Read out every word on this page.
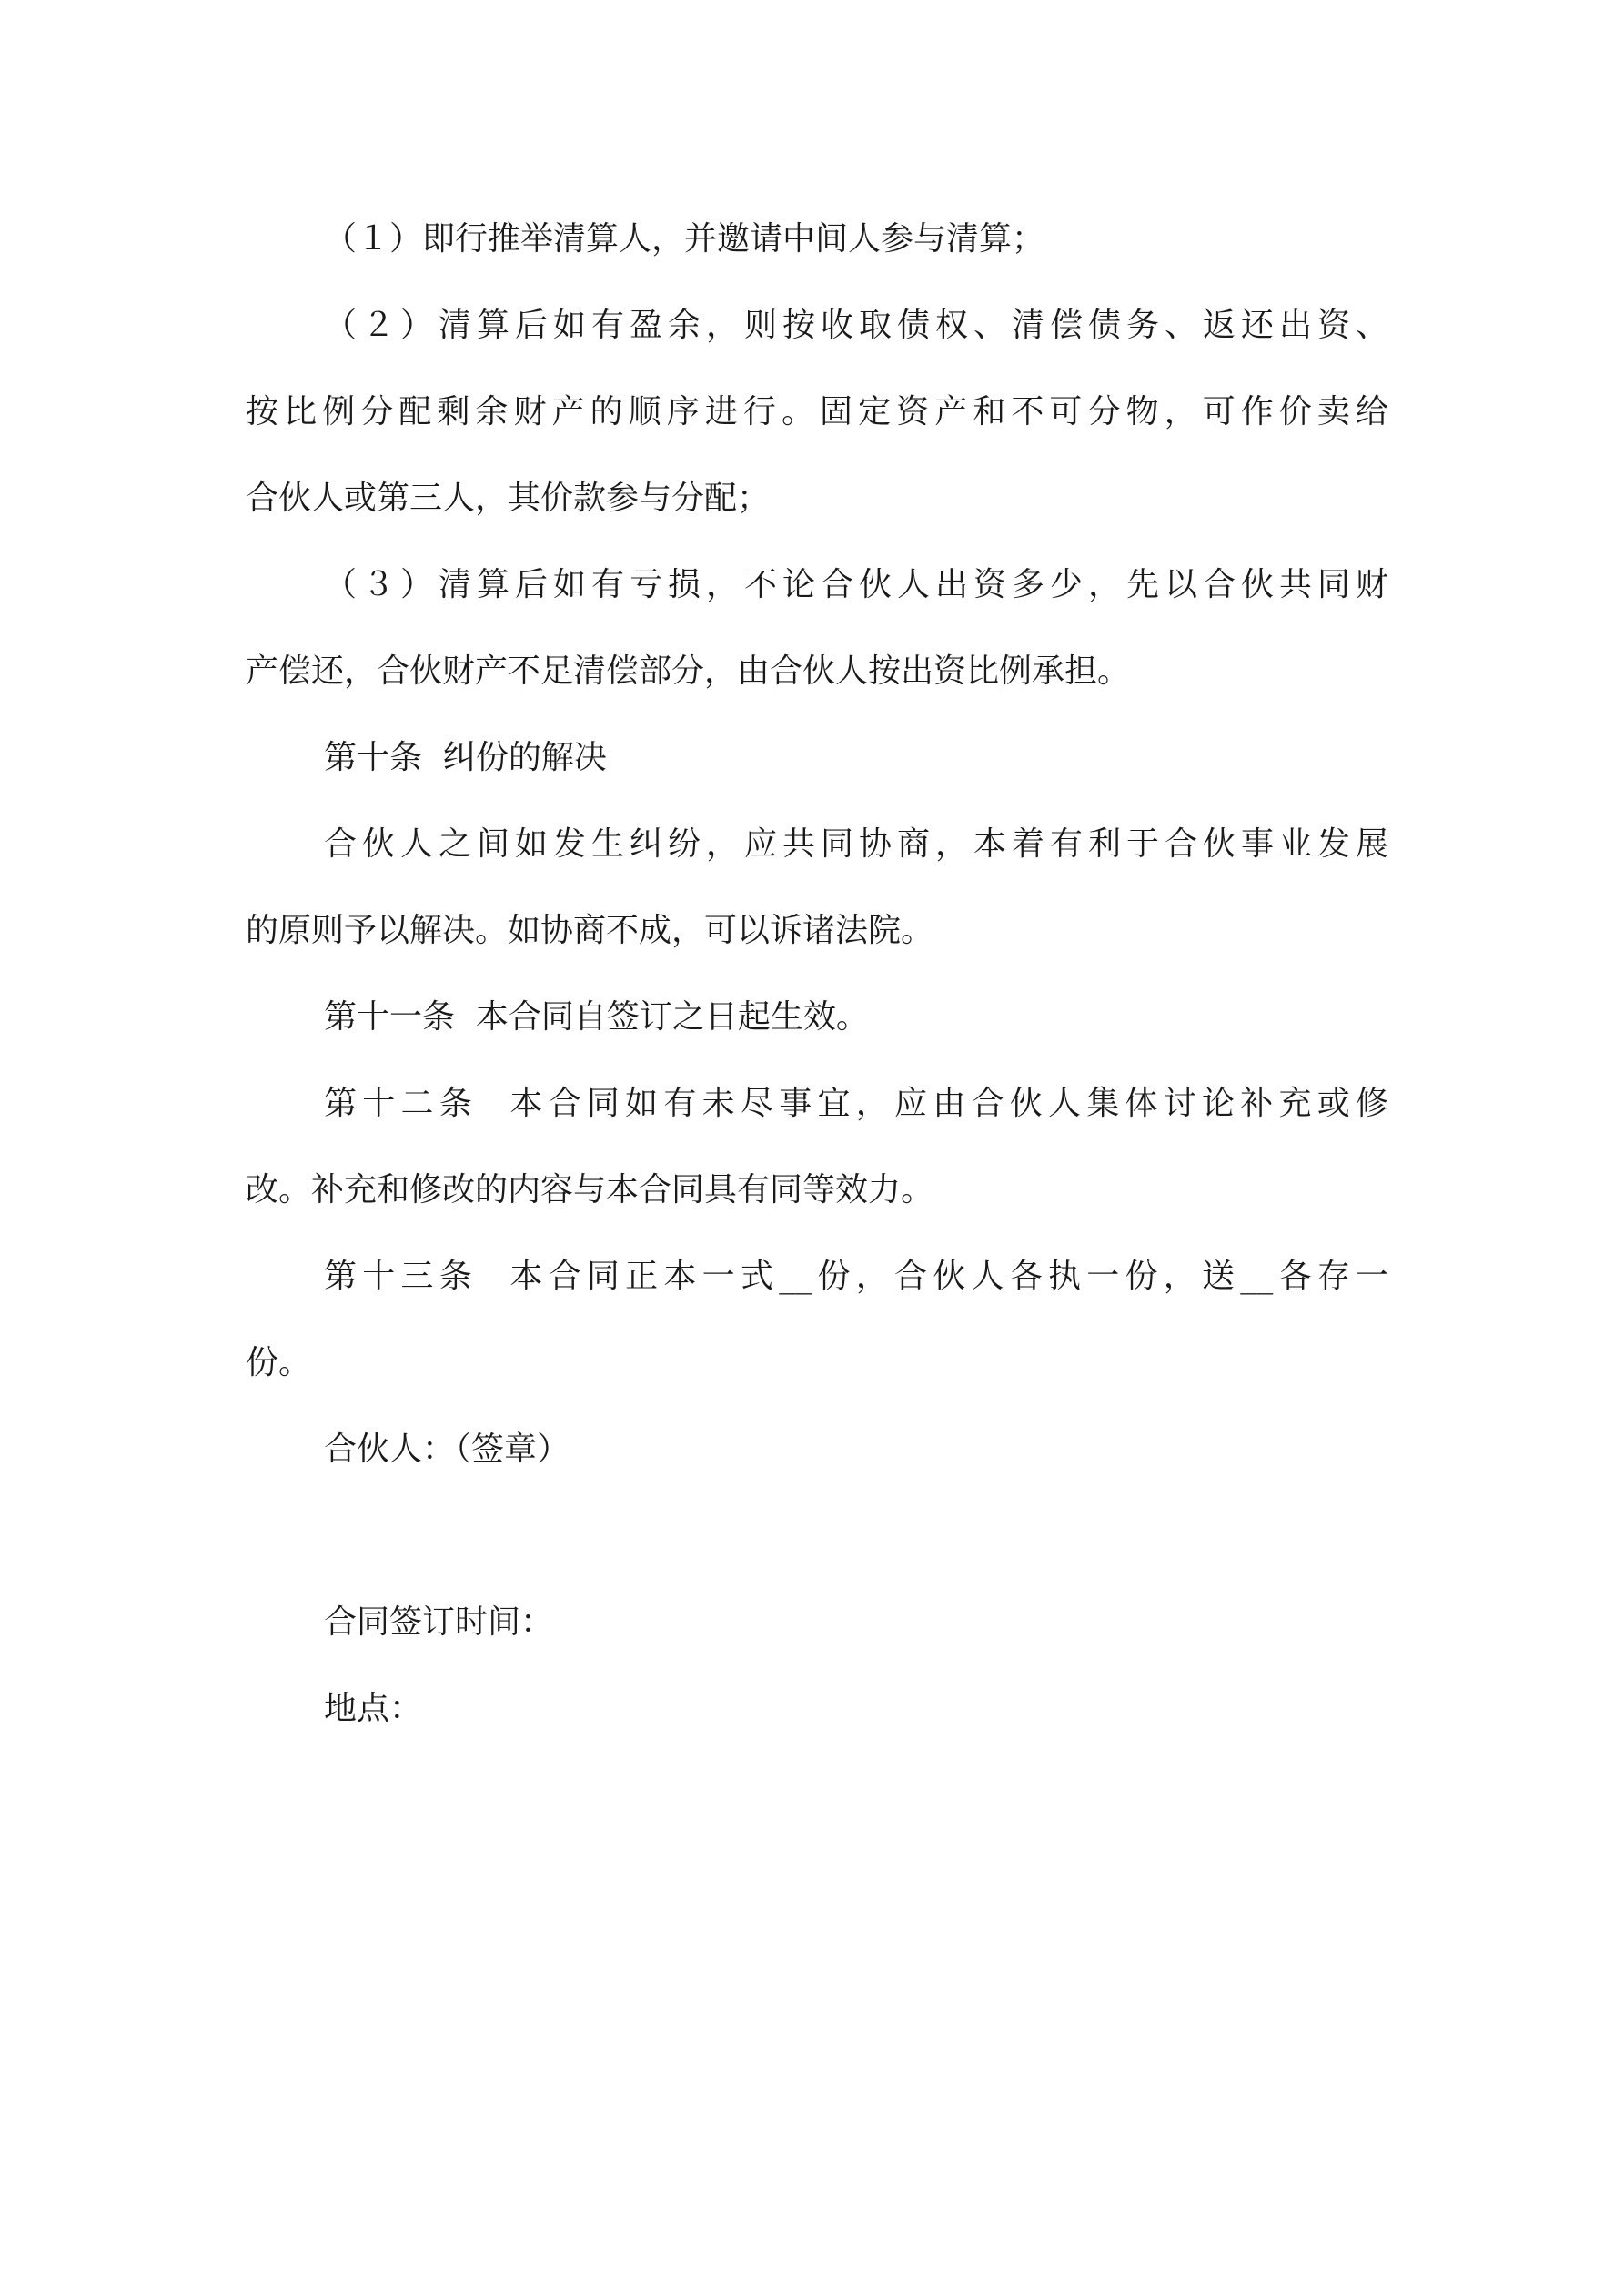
（１）即行推举清算人，并邀请中间人参与清算；
（２）清算后如有盈余，则按收取债权、清偿债务、返还出资、
按比例分配剩余财产的顺序进行。固定资产和不可分物，可作价卖给
合伙人或第三人，其价款参与分配；
（３）清算后如有亏损，不论合伙人出资多少，先以合伙共同财
产偿还，合伙财产不足清偿部分，由合伙人按出资比例承担。
第十条  纠份的解决
合伙人之间如发生纠纷，应共同协商，本着有利于合伙事业发展
的原则予以解决。如协商不成，可以诉诸法院。
第十一条  本合同自签订之日起生效。
第十二条  本合同如有未尽事宜，应由合伙人集体讨论补充或修
改。补充和修改的内容与本合同具有同等效力。
第十三条  本合同正本一式__份，合伙人各执一份，送__各存一
份。
合伙人：（签章）
合同签订时间：
地点：
